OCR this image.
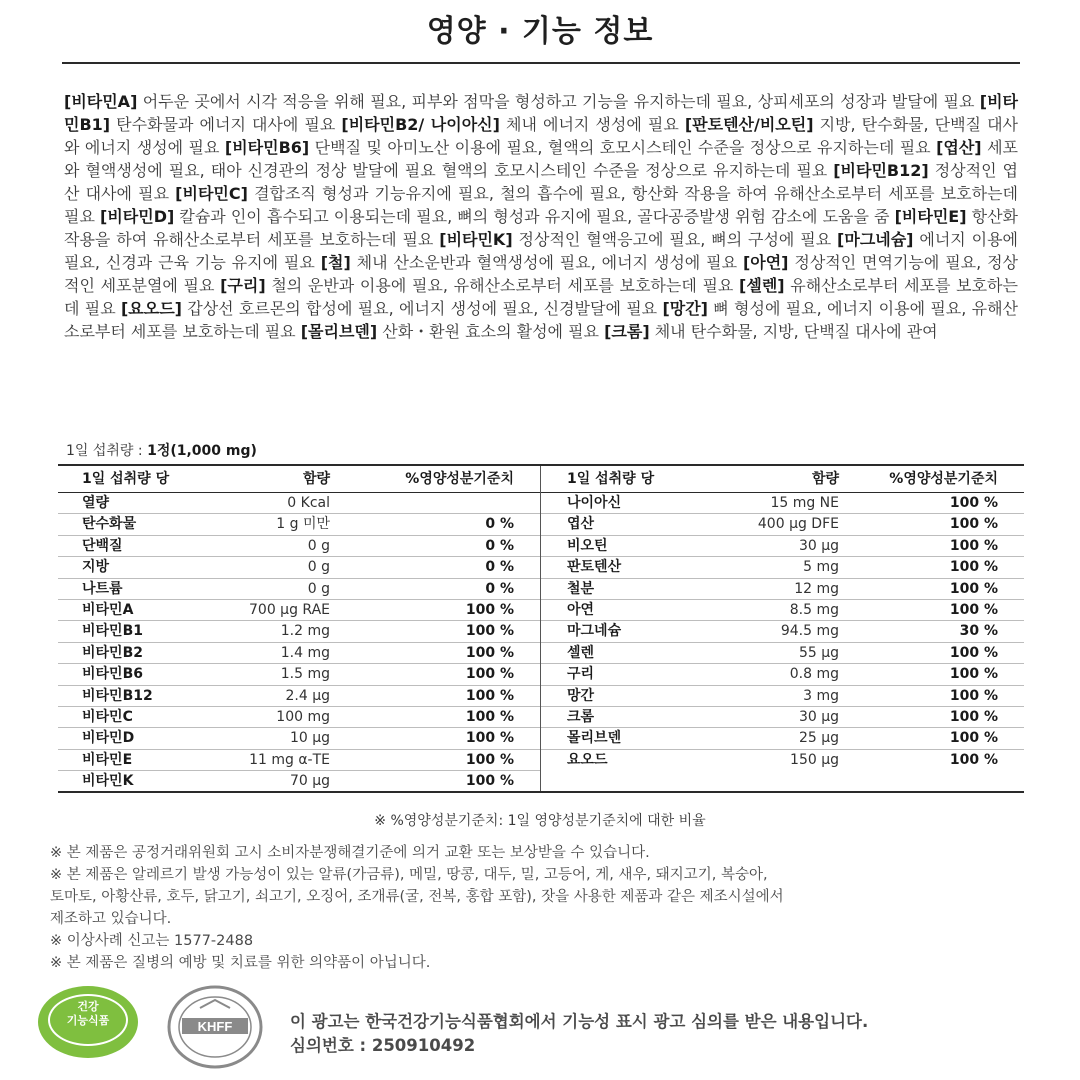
영양 · 기능 정보
[비타민A] 어두운 곳에서 시각 적응을 위해 필요, 피부와 점막을 형성하고 기능을 유지하는데 필요, 상피세포의 성장과 발달에 필요 [비타민B1] 탄수화물과 에너지 대사에 필요 [비타민B2/ 나이아신] 체내 에너지 생성에 필요 [판토텐산/비오틴] 지방, 탄수화물, 단백질 대사와 에너지 생성에 필요 [비타민B6] 단백질 및 아미노산 이용에 필요, 혈액의 호모시스테인 수준을 정상으로 유지하는데 필요 [엽산] 세포와 혈액생성에 필요, 태아 신경관의 정상 발달에 필요 혈액의 호모시스테인 수준을 정상으로 유지하는데 필요 [비타민B12] 정상적인 엽산 대사에 필요 [비타민C] 결합조직 형성과 기능유지에 필요, 철의 흡수에 필요, 항산화 작용을 하여 유해산소로부터 세포를 보호하는데 필요 [비타민D] 칼슘과 인이 흡수되고 이용되는데 필요, 뼈의 형성과 유지에 필요, 골다공증발생 위험 감소에 도움을 줌 [비타민E] 항산화 작용을 하여 유해산소로부터 세포를 보호하는데 필요 [비타민K] 정상적인 혈액응고에 필요, 뼈의 구성에 필요 [마그네슘] 에너지 이용에 필요, 신경과 근육 기능 유지에 필요 [철] 체내 산소운반과 혈액생성에 필요, 에너지 생성에 필요 [아연] 정상적인 면역기능에 필요, 정상적인 세포분열에 필요 [구리] 철의 운반과 이용에 필요, 유해산소로부터 세포를 보호하는데 필요 [셀렌] 유해산소로부터 세포를 보호하는데 필요 [요오드] 갑상선 호르몬의 합성에 필요, 에너지 생성에 필요, 신경발달에 필요 [망간] 뼈 형성에 필요, 에너지 이용에 필요, 유해산소로부터 세포를 보호하는데 필요 [몰리브덴] 산화・환원 효소의 활성에 필요 [크롬] 체내 탄수화물, 지방, 단백질 대사에 관여
1일 섭취량 : 1정(1,000 mg)
1일 섭취량 당	함량	%영양성분기준치
열량	0 Kcal
탄수화물	1 g 미만	0 %
단백질	0 g	0 %
지방	0 g	0 %
나트륨	0 g	0 %
비타민A	700 μg RAE	100 %
비타민B1	1.2 mg	100 %
비타민B2	1.4 mg	100 %
비타민B6	1.5 mg	100 %
비타민B12	2.4 μg	100 %
비타민C	100 mg	100 %
비타민D	10 μg	100 %
비타민E	11 mg α-TE	100 %
비타민K	70 μg	100 %
1일 섭취량 당	함량	%영양성분기준치
나이아신	15 mg NE	100 %
엽산	400 μg DFE	100 %
비오틴	30 μg	100 %
판토텐산	5 mg	100 %
철분	12 mg	100 %
아연	8.5 mg	100 %
마그네슘	94.5 mg	30 %
셀렌	55 μg	100 %
구리	0.8 mg	100 %
망간	3 mg	100 %
크롬	30 μg	100 %
몰리브덴	25 μg	100 %
요오드	150 μg	100 %
※ %영양성분기준치: 1일 영양성분기준치에 대한 비율
※ 본 제품은 공정거래위원회 고시 소비자분쟁해결기준에 의거 교환 또는 보상받을 수 있습니다.
※ 본 제품은 알레르기 발생 가능성이 있는 알류(가금류), 메밀, 땅콩, 대두, 밀, 고등어, 게, 새우, 돼지고기, 복숭아,
토마토, 아황산류, 호두, 닭고기, 쇠고기, 오징어, 조개류(굴, 전복, 홍합 포함), 잣을 사용한 제품과 같은 제조시설에서
제조하고 있습니다.
※ 이상사례 신고는 1577-2488
※ 본 제품은 질병의 예방 및 치료를 위한 의약품이 아닙니다.
건강
기능식품	KHFF	이 광고는 한국건강기능식품협회에서 기능성 표시 광고 심의를 받은 내용입니다.
심의번호 : 250910492
